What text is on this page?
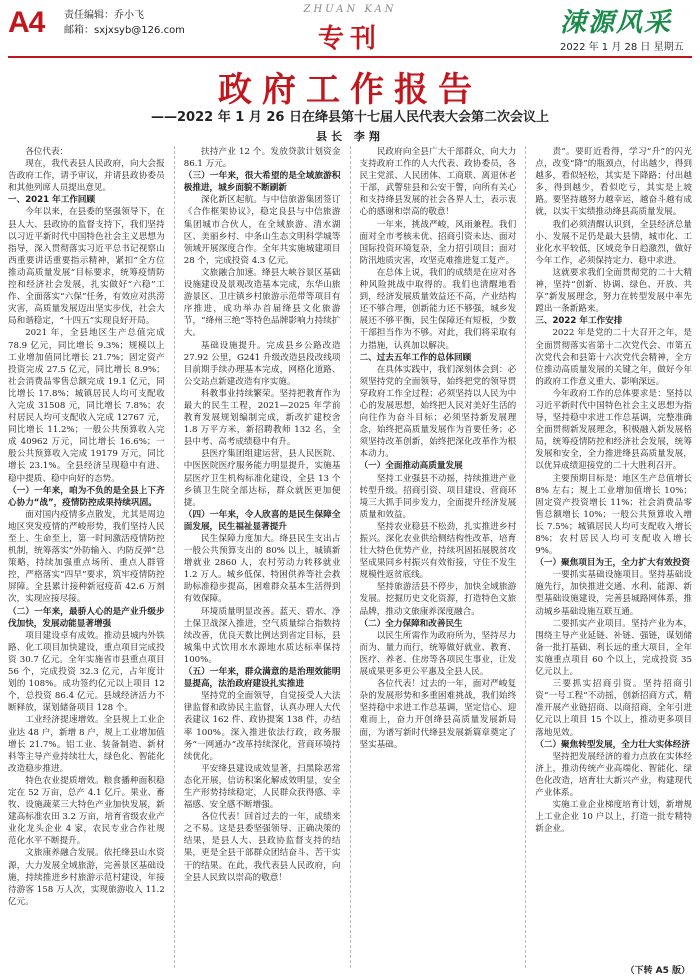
A4 责任编辑：乔小飞
邮箱：sxjxsyb@126.com
ZHUAN KAN
专刊
涑源风采
2022 年 1 月 28 日 星期五
政府工作报告
——2022 年 1 月 26 日在绛县第十七届人民代表大会第二次会议上
县长 李翔

各位代表：

现在，我代表县人民政府，向大会报告政府工作，请予审议，并请县政协委员和其他列席人员提出意见。

一、2021 年工作回顾

今年以来，在县委的坚强领导下，在县人大、县政协的监督支持下，我们坚持以习近平新时代中国特色社会主义思想为指导，深入贯彻落实习近平总书记视察山西重要讲话重要指示精神，紧扣“全方位推动高质量发展”目标要求，统筹疫情防控和经济社会发展，扎实做好“六稳”工作、全面落实“六保”任务，有效应对洪涝灾害，高质量发展迈出坚实步伐，社会大局和谐稳定，“十四五”实现良好开局。

2021 年，全县地区生产总值完成 78.9 亿元，同比增长 9.3%；规模以上工业增加值同比增长 21.7%；固定资产投资完成 27.5 亿元，同比增长 8.9%；社会消费品零售总额完成 19.1 亿元，同比增长 17.8%；城镇居民人均可支配收入完成 31508 元，同比增长 7.8%；农村居民人均可支配收入完成 12767 元，同比增长 11.2%；一般公共预算收入完成 40962 万元，同比增长 16.6%；一般公共预算收入完成 19179 万元，同比增长 23.1%。全县经济呈现稳中有进、稳中提质、稳中向好的态势。

（一）一年来，咱为不负的是全县上下齐心协力“战”，疫情防控成果持续巩固。

面对国内疫情多点散发，尤其是周边地区突发疫情的严峻形势，我们坚持人民至上、生命至上，第一时间激活疫情防控机制，统筹落实“外防输入、内防反弹”总策略，持续加强重点场所、重点人群管控，严格落实“四早”要求，筑牢疫情防控屏障。全县累计接种新冠疫苗 42.6 万剂次，实现应接尽接。

（二）一年来，最骄人心的是产业升级步伐加快，发展动能显著增强

项目建设卓有成效。推动县城内外铁路、化工项目加快建设，重点项目完成投资 30.7 亿元。全年实施省市县重点项目 56 个，完成投资 32.3 亿元，占年度计划的 108%。成功签约亿元以上项目 12 个，总投资 86.4 亿元。县域经济活力不断释放，谋划储备项目 128 个。

工业经济提速增效。全县规上工业企业达 48 户，新增 8 户，规上工业增加值增长 21.7%。铝工业、装备制造、新材料等主导产业持续壮大，绿色化、智能化改造稳步推进。

特色农业提质增效。粮食播种面积稳定在 52 万亩，总产 4.1 亿斤。果业、畜牧、设施蔬菜三大特色产业加快发展，新建高标准农田 3.2 万亩，培育省级农业产业化龙头企业 4 家，农民专业合作社规范化水平不断提升。

文旅康养融合发展。依托绛县山水资源，大力发展全域旅游，完善景区基础设施，持续推进乡村旅游示范村建设，年接待游客 158 万人次，实现旅游收入 11.2 亿元。

扶持产业 12 个。发放贷款计划资金 86.1 万元。

（三）一年来，很大希望的是全域旅游积极推进，城乡面貌不断刷新

深化新区起航。与中信旅游集团签订《合作框架协议》，稳定良县与中信旅游集团城市合伙人，在全域旅游、清水湖区、美丽乡村、中条山生态文明科学城等领域开展深度合作。全年共实施城建项目 28 个，完成投资 4.3 亿元。

文旅融合加速。绛县大峡谷景区基础设施建设及景观改造基本完成，东华山旅游景区、卫庄镇乡村旅游示范带等项目有序推进，成功举办首届绛县文化旅游节，“绛州三绝”等特色品牌影响力持续扩大。

基础设施提升。完成县乡公路改造 27.92 公里，G241 升级改造县段改线项目前期手续办理基本完成，网格化道路、公交站点新建改造有序实施。

科教事业持续繁荣。坚持把教育作为最大的民生工程，2021—2025 年学前教育发展规划编制完成，新改扩建校舍 1.8 万平方米，新招聘教师 132 名，全县中考、高考成绩稳中有升。

县医疗集团组建运营，县人民医院、中医医院医疗服务能力明显提升，实施基层医疗卫生机构标准化建设，全县 13 个乡镇卫生院全部达标，群众就医更加便捷。

（四）一年来，令人欣喜的是民生保障全面发展，民生福祉显著提升

民生保障力度加大。绛县民生支出占一般公共预算支出的 80% 以上，城镇新增就业 2860 人，农村劳动力转移就业 1.2 万人。城乡低保、特困供养等社会救助标准稳步提高，困难群众基本生活得到有效保障。

环境质量明显改善。蓝天、碧水、净土保卫战深入推进，空气质量综合指数持续改善，优良天数比例达到省定目标，县城集中式饮用水水源地水质达标率保持 100%。

（五）一年来，群众满意的是治理效能明显提高，法治政府建设扎实推进

坚持党的全面领导，自觉接受人大法律监督和政协民主监督，认真办理人大代表建议 162 件、政协提案 138 件，办结率 100%。深入推进依法行政，政务服务“一网通办”改革持续深化，营商环境持续优化。

平安绛县建设成效显著，扫黑除恶常态化开展，信访积案化解成效明显，安全生产形势持续稳定，人民群众获得感、幸福感、安全感不断增强。

各位代表！回首过去的一年，成绩来之不易。这是县委坚强领导、正确决策的结果，是县人大、县政协监督支持的结果，更是全县干部群众团结奋斗、苦干实干的结果。在此，我代表县人民政府，向全县人民致以崇高的敬意！

民政府向全县广大干部群众，向大力支持政府工作的人大代表、政协委员，各民主党派、人民团体、工商联、离退休老干部，武警驻县和公安干警，向所有关心和支持绛县发展的社会各界人士，表示衷心的感谢和崇高的敬意！

一年来，挑战严峻，风雨兼程。我们面对全市考核未优、招商引资未达、面对国际投资环境复杂，全力招引项目；面对防汛地质灾害，攻坚克难推进复工复产。

在总体上说，我们的成绩是在应对各种风险挑战中取得的。我们也清醒地看到，经济发展质量效益还不高，产业结构还不够合理，创新能力还不够强，城乡发展还不够平衡，民生保障还有短板，少数干部担当作为不够。对此，我们将采取有力措施，认真加以解决。

二、过去五年工作的总体回顾

在具体实践中，我们深刻体会到：必须坚持党的全面领导，始终把党的领导贯穿政府工作全过程；必须坚持以人民为中心的发展思想，始终把人民对美好生活的向往作为奋斗目标；必须坚持新发展理念，始终把高质量发展作为首要任务；必须坚持改革创新，始终把深化改革作为根本动力。

（一）全面推动高质量发展

坚持工业强县不动摇，持续推进产业转型升级。招商引资、项目建设、营商环境三大抓手同步发力，全面提升经济发展质量和效益。

坚持农业稳县不松劲，扎实推进乡村振兴。深化农业供给侧结构性改革，培育壮大特色优势产业，持续巩固拓展脱贫攻坚成果同乡村振兴有效衔接，守住不发生规模性返贫底线。

坚持旅游活县不停步，加快全域旅游发展。挖掘历史文化资源，打造特色文旅品牌，推动文旅康养深度融合。

（二）全力保障和改善民生

以民生所需作为政府所为，坚持尽力而为、量力而行，统筹做好就业、教育、医疗、养老、住房等各项民生事业，让发展成果更多更公平惠及全县人民。

各位代表！过去的一年，面对严峻复杂的发展形势和多重困难挑战，我们始终坚持稳中求进工作总基调，坚定信心、迎难而上，奋力开创绛县高质量发展新局面，为谱写新时代绛县发展新篇章奠定了坚实基础。

责”。要盯近看得，学习“升”的闪光点，改变“降”的瓶颈点，付出越少，得到越多，看似轻松，其实是下降路；付出越多，得到越少，看似吃亏，其实是上坡路。要坚持越努力越幸运，越奋斗越有成就，以实干实绩推动绛县高质量发展。

我们必须清醒认识到，全县经济总量小、发展不足仍是最大县情，城市化、工业化水平较低，区域竞争日趋激烈，做好今年工作，必须保持定力、稳中求进。

这就要求我们全面贯彻党的二十大精神，坚持“创新、协调、绿色、开放、共享”新发展理念，努力在转型发展中率先蹚出一条新路来。

三、2022 年工作安排

2022 年是党的二十大召开之年，是全面贯彻落实省第十二次党代会、市第五次党代会和县第十六次党代会精神，全方位推动高质量发展的关键之年，做好今年的政府工作意义重大、影响深远。

今年政府工作的总体要求是：坚持以习近平新时代中国特色社会主义思想为指导，坚持稳中求进工作总基调，完整准确全面贯彻新发展理念，积极融入新发展格局，统筹疫情防控和经济社会发展，统筹发展和安全，全力推进绛县高质量发展，以优异成绩迎接党的二十大胜利召开。

主要预期目标是：地区生产总值增长 8% 左右；规上工业增加值增长 10%；固定资产投资增长 11%；社会消费品零售总额增长 10%；一般公共预算收入增长 7.5%；城镇居民人均可支配收入增长 8%；农村居民人均可支配收入增长 9%。

（一）聚焦项目为王，全力扩大有效投资

一要抓实基础设施项目。坚持基础设施先行，加快推进交通、水利、能源、新型基础设施建设，完善县城路网体系，推动城乡基础设施互联互通。

二要抓实产业项目。坚持产业为本，围绕主导产业延链、补链、强链，谋划储备一批打基础、利长远的重大项目，全年实施重点项目 60 个以上，完成投资 35 亿元以上。

三要抓实招商引资。坚持招商引资“一号工程”不动摇，创新招商方式，精准开展产业链招商、以商招商，全年引进亿元以上项目 15 个以上，推动更多项目落地见效。

（二）聚焦转型发展，全力壮大实体经济

坚持把发展经济的着力点放在实体经济上，推动传统产业高端化、智能化、绿色化改造，培育壮大新兴产业，构建现代产业体系。

实施工业企业梯度培育计划，新增规上工业企业 10 户以上，打造一批专精特新企业。

（下转 A5 版）
